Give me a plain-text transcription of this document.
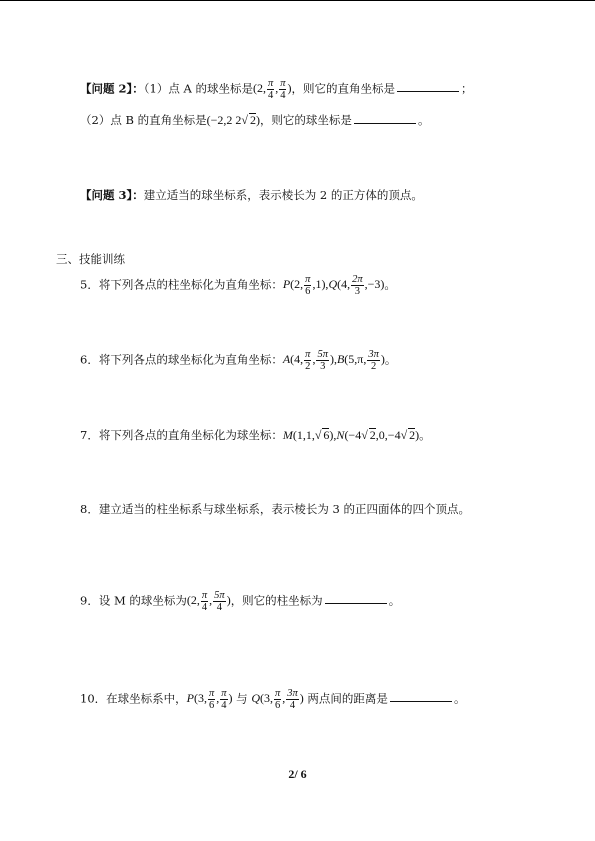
【问题 2】：（1）点 A 的球坐标是(2, $\frac{\pi}{4}$ , $\frac{\pi}{4}$ )，则它的直角坐标是	；
（2）点 B 的直角坐标是(−2,2 2√ 2)，则它的球坐标是	。
【问题 3】：建立适当的球坐标系，表示棱长为 2 的正方体的顶点。
三、技能训练
5．将下列各点的柱坐标化为直角坐标：P(2, $\frac{\pi}{6} ,1),Q(4$, $\frac{2\pi}{3} ,-3$)。
6．将下列各点的球坐标化为直角坐标：A(4, $\frac{\pi}{2}$ , $\frac{5\pi}{3} ),B(5,\pi$, $\frac{3\pi}{2}$ )。
7．将下列各点的直角坐标化为球坐标：M(1,1,√ 6),N(−4√ 2,0,−4√ 2)。
8．建立适当的柱坐标系与球坐标系，表示棱长为 3 的正四面体的四个顶点。
9．设 M 的球坐标为(2, $\frac{\pi}{4}$ , $\frac{5\pi}{4}$ )，则它的柱坐标为	。
10．在球坐标系中，P(3, $\frac{\pi}{6}$ , $\frac{\pi}{4}$ ) 与 Q(3, $\frac{\pi}{6}$ , $\frac{3\pi}{4}$ ) 两点间的距离是	。
2/ 6
